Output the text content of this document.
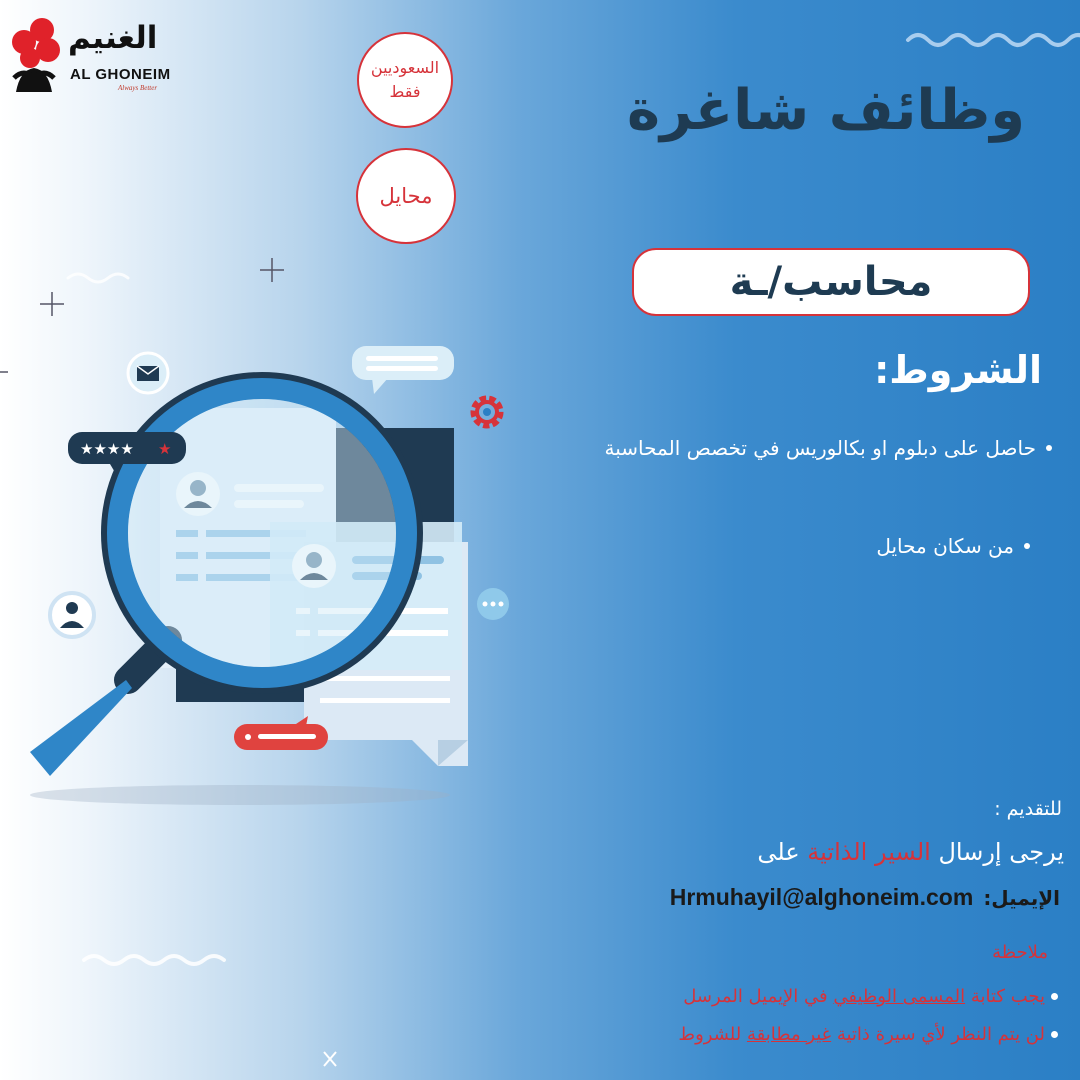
★★★★ ★
الغنيم
AL GHONEIM
Always Better
السعوديين فقط
محايل
وظائف شاغرة
محاسب/ـة
الشروط:
حاصل على دبلوم او بكالوريس في تخصص المحاسبة
من سكان محايل
للتقديم :
يرجى إرسال السير الذاتية على
الإيميل:
Hrmuhayil@alghoneim.com
ملاحظة
يجب كتابة

المسمى الوظيفي

في الإيميل المرسل
لن يتم النظر لأي سيرة ذاتية

غير مطابقة

للشروط
